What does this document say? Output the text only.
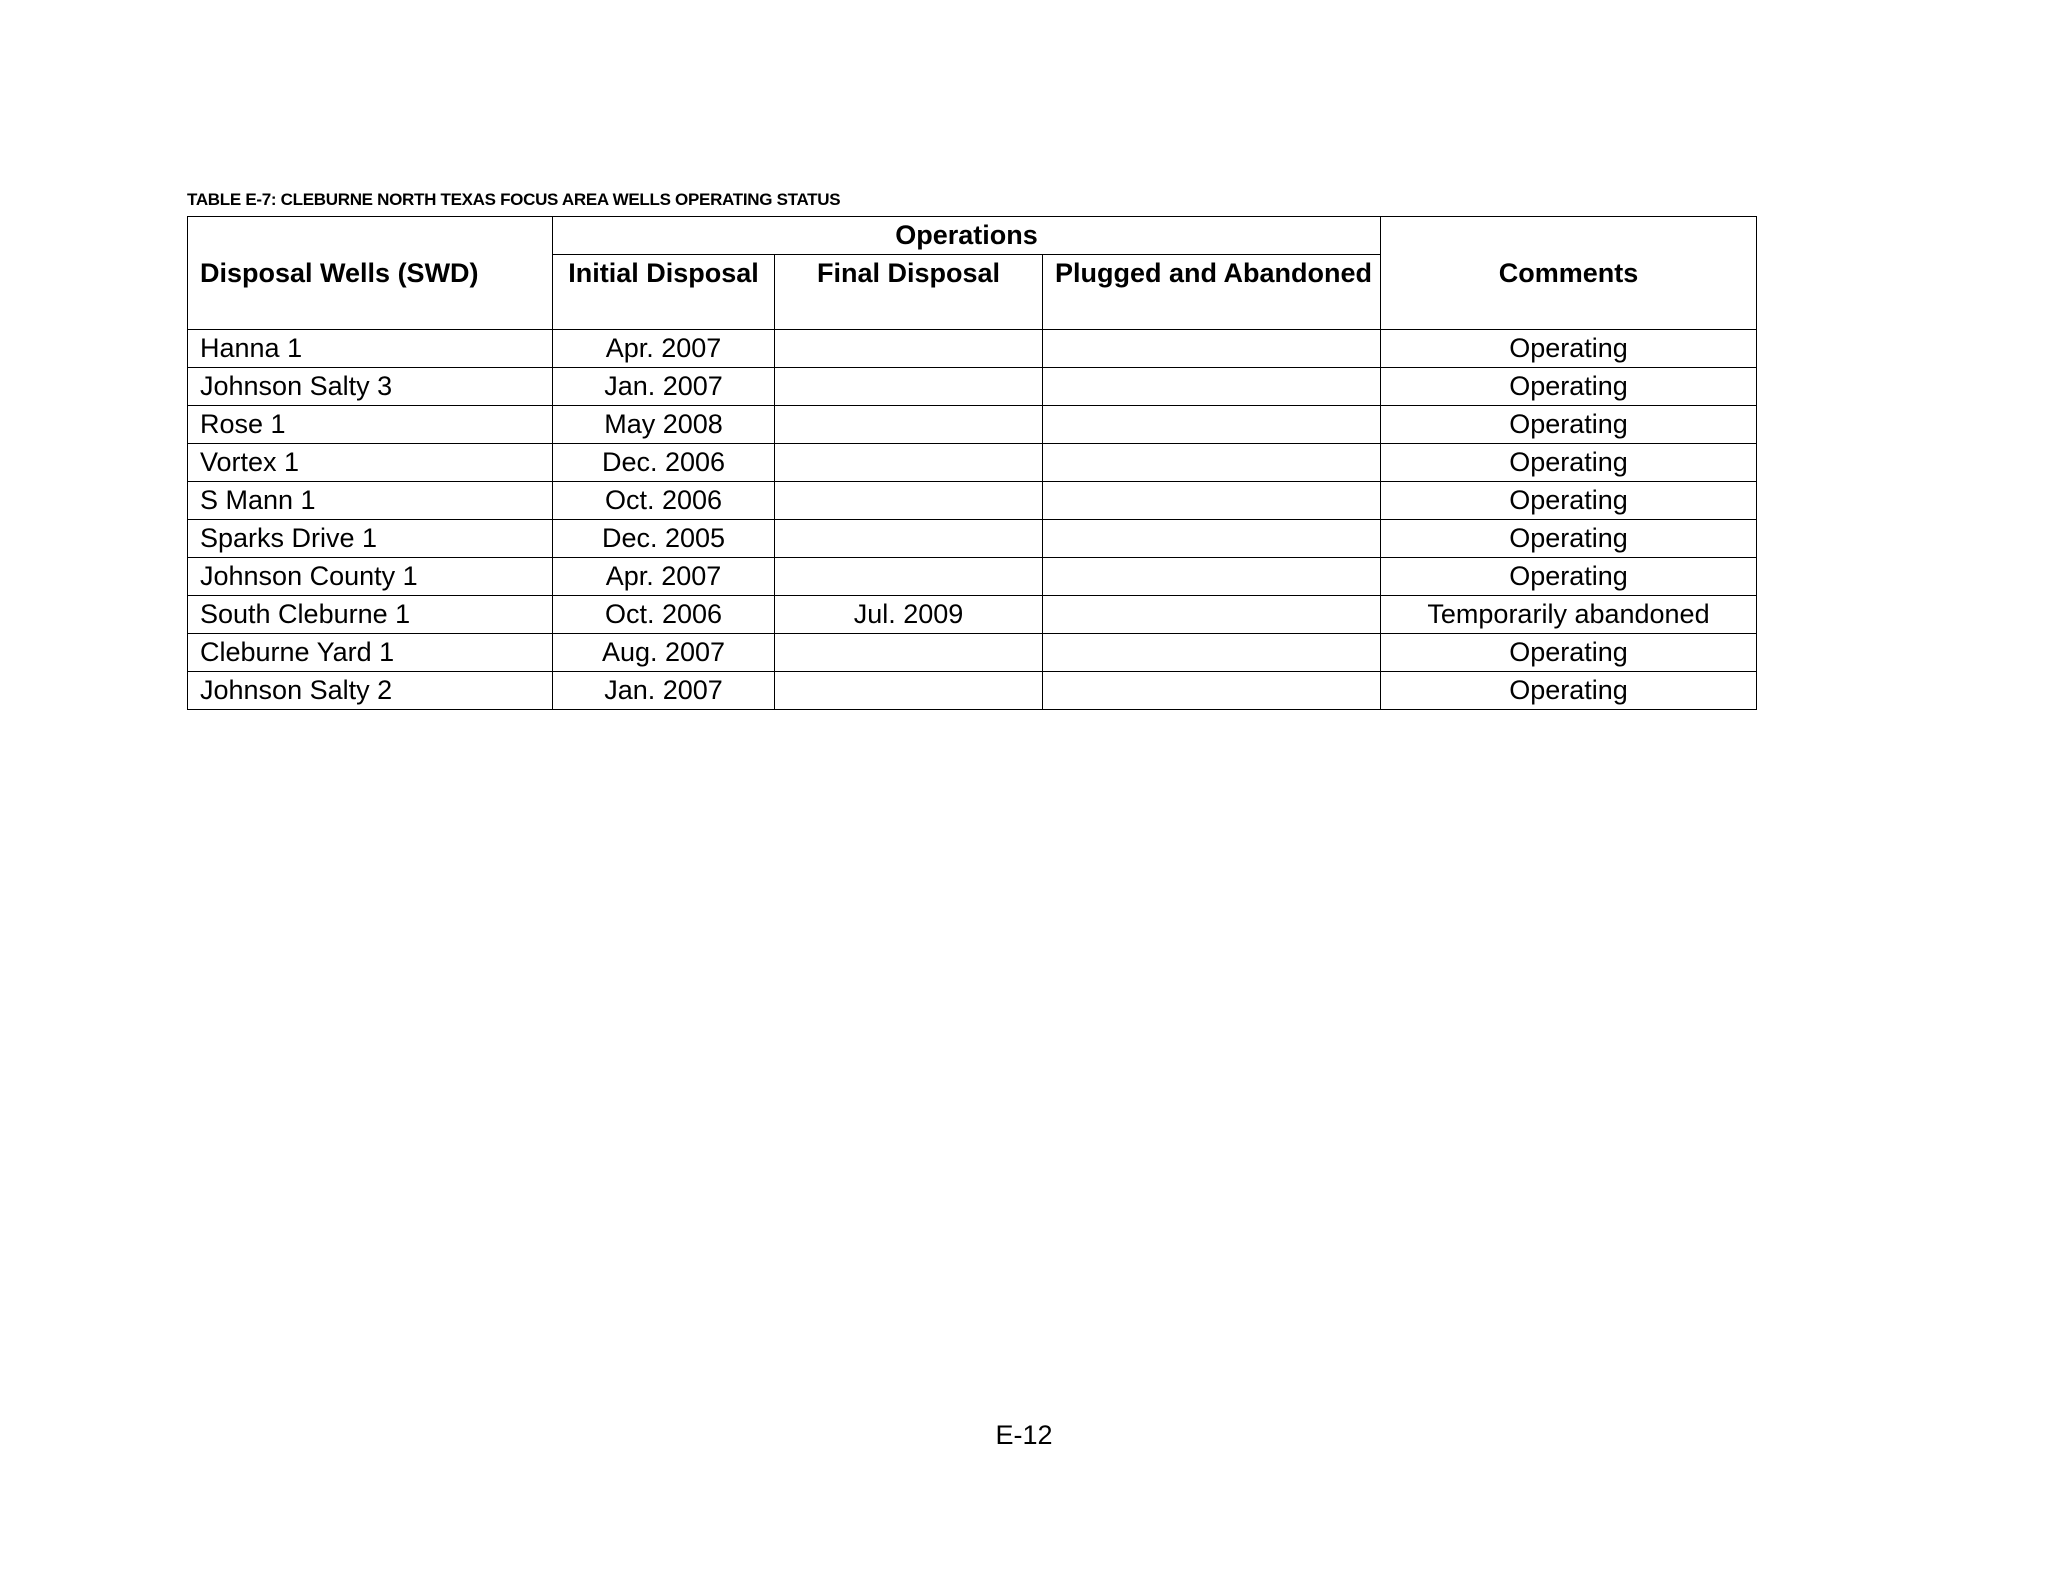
TABLE E-7: CLEBURNE NORTH TEXAS FOCUS AREA WELLS OPERATING STATUS
Disposal Wells (SWD)	Operations			Comments
	Initial Disposal	Final Disposal	Plugged and Abandoned	
Hanna 1	Apr. 2007			Operating
Johnson Salty 3	Jan. 2007			Operating
Rose 1	May 2008			Operating
Vortex 1	Dec. 2006			Operating
S Mann 1	Oct. 2006			Operating
Sparks Drive 1	Dec. 2005			Operating
Johnson County 1	Apr. 2007			Operating
South Cleburne 1	Oct. 2006	Jul. 2009		Temporarily abandoned
Cleburne Yard 1	Aug. 2007			Operating
Johnson Salty 2	Jan. 2007			Operating
E-12
